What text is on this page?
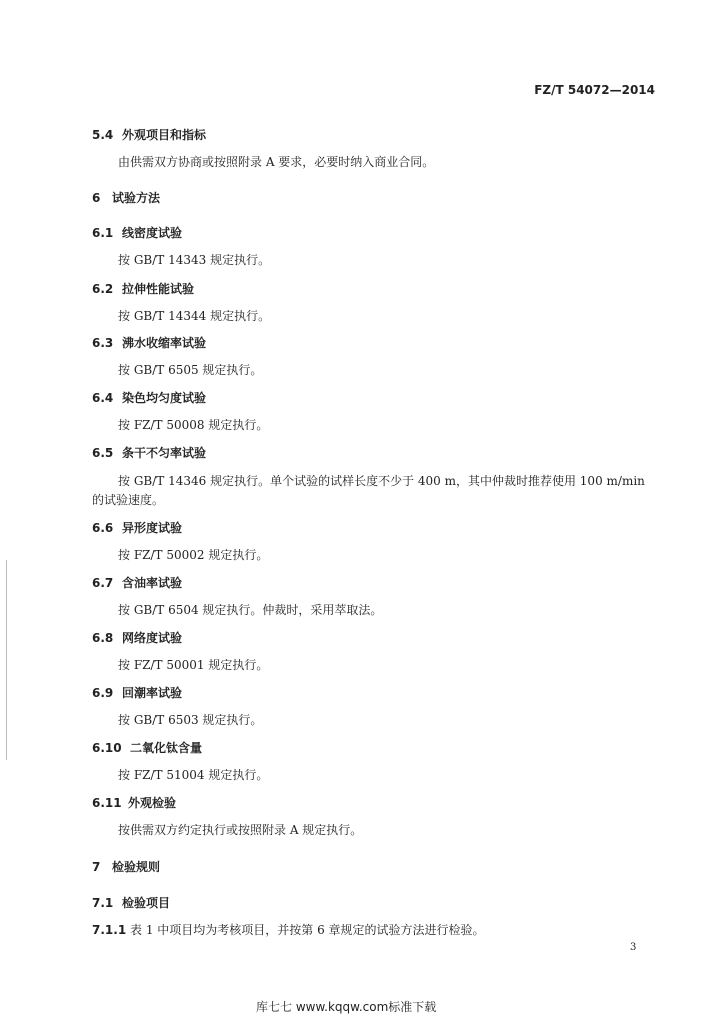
FZ/T 54072—2014
5.4 外观项目和指标
由供需双方协商或按照附录 A 要求，必要时纳入商业合同。
6 试验方法
6.1 线密度试验
按 GB/T 14343 规定执行。
6.2 拉伸性能试验
按 GB/T 14344 规定执行。
6.3 沸水收缩率试验
按 GB/T 6505 规定执行。
6.4 染色均匀度试验
按 FZ/T 50008 规定执行。
6.5 条干不匀率试验
按 GB/T 14346 规定执行。单个试验的试样长度不少于 400 m，其中仲裁时推荐使用 100 m/min
的试验速度。
6.6 异形度试验
按 FZ/T 50002 规定执行。
6.7 含油率试验
按 GB/T 6504 规定执行。仲裁时，采用萃取法。
6.8 网络度试验
按 FZ/T 50001 规定执行。
6.9 回潮率试验
按 GB/T 6503 规定执行。
6.10 二氧化钛含量
按 FZ/T 51004 规定执行。
6.11 外观检验
按供需双方约定执行或按照附录 A 规定执行。
7 检验规则
7.1 检验项目
7.1.1 表 1 中项目均为考核项目，并按第 6 章规定的试验方法进行检验。
3
库七七 www.kqqw.com标准下载
